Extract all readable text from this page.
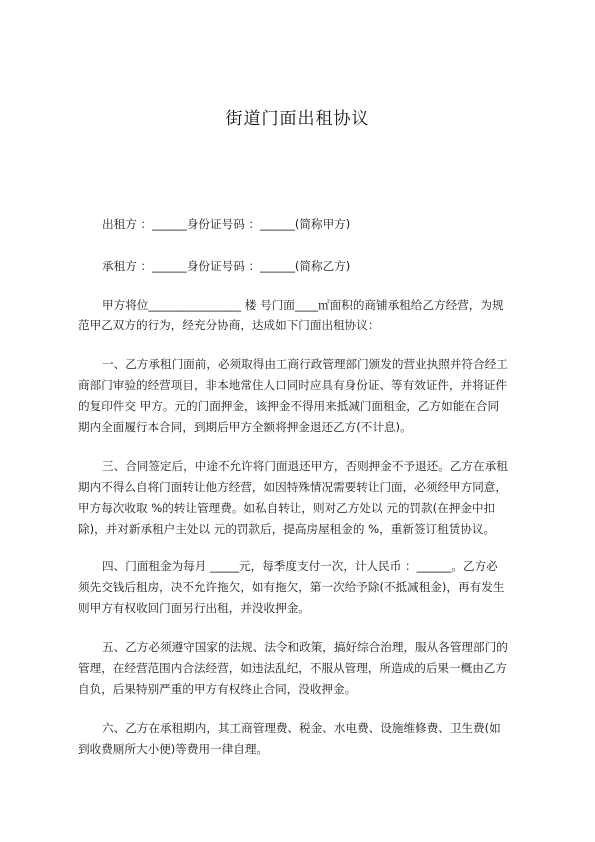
街道门面出租协议
出租方 ：______身份证号码 ：______(简称甲方)
承租方 ：______身份证号码 ：______(简称乙方)
甲方将位________________ 楼 号门面____㎡面积的商铺承租给乙方经营，为规
范甲乙双方的行为，经充分协商，达成如下门面出租协议：
一、乙方承租门面前，必须取得由工商行政管理部门颁发的营业执照并符合经工
商部门审验的经营项目，非本地常住人口同时应具有身份证、等有效证件，并将证件
的复印件交 甲方。元的门面押金，该押金不得用来抵减门面租金，乙方如能在合同
期内全面履行本合同，到期后甲方全额将押金退还乙方(不计息)。
三、合同签定后，中途不允许将门面退还甲方，否则押金不予退还。乙方在承租
期内不得么自将门面转让他方经营，如因特殊情况需要转让门面，必须经甲方同意，
甲方每次收取 %的转让管理费。如私自转让，则对乙方处以 元的罚款(在押金中扣
除)，并对新承租户主处以 元的罚款后，提高房屋租金的 %，重新签订租赁协议。
四、门面租金为每月 _____元，每季度支付一次，计人民币 ：______。乙方必
须先交钱后租房，决不允许拖欠，如有拖欠，第一次给予除(不抵减租金)，再有发生
则甲方有权收回门面另行出租，并没收押金。
五、乙方必须遵守国家的法规、法令和政策，搞好综合治理，服从各管理部门的
管理，在经营范围内合法经营，如违法乱纪，不服从管理，所造成的后果一概由乙方
自负，后果特别严重的甲方有权终止合同，没收押金。
六、乙方在承租期内，其工商管理费、税金、水电费、设施维修费、卫生费(如
到收费厕所大小便)等费用一律自理。
